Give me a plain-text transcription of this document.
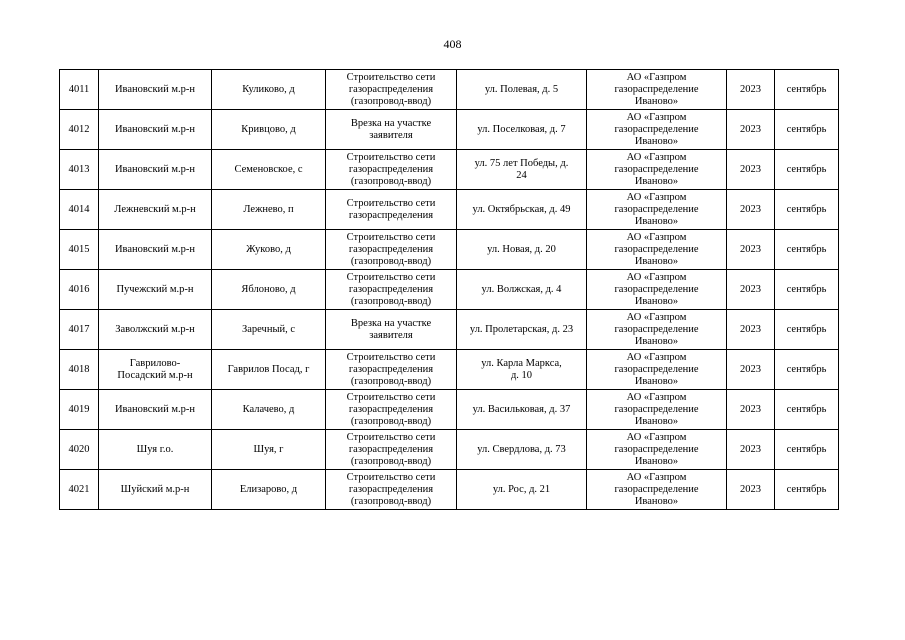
408
4011	Ивановский м.р-н	Куликово, д	Строительство сети
газораспределения
(газопровод-ввод)	ул. Полевая, д. 5	АО «Газпром
газораспределение
Иваново»	2023	сентябрь
4012	Ивановский м.р-н	Кривцово, д	Врезка на участке
заявителя	ул. Поселковая, д. 7	АО «Газпром
газораспределение
Иваново»	2023	сентябрь
4013	Ивановский м.р-н	Семеновское, с	Строительство сети
газораспределения
(газопровод-ввод)	ул. 75 лет Победы, д.
24	АО «Газпром
газораспределение
Иваново»	2023	сентябрь
4014	Лежневский м.р-н	Лежнево, п	Строительство сети
газораспределения	ул. Октябрьская, д. 49	АО «Газпром
газораспределение
Иваново»	2023	сентябрь
4015	Ивановский м.р-н	Жуково, д	Строительство сети
газораспределения
(газопровод-ввод)	ул. Новая, д. 20	АО «Газпром
газораспределение
Иваново»	2023	сентябрь
4016	Пучежский м.р-н	Яблоново, д	Строительство сети
газораспределения
(газопровод-ввод)	ул. Волжская, д. 4	АО «Газпром
газораспределение
Иваново»	2023	сентябрь
4017	Заволжский м.р-н	Заречный, с	Врезка на участке
заявителя	ул. Пролетарская, д. 23	АО «Газпром
газораспределение
Иваново»	2023	сентябрь
4018	Гаврилово-
Посадский м.р-н	Гаврилов Посад, г	Строительство сети
газораспределения
(газопровод-ввод)	ул. Карла Маркса,
д. 10	АО «Газпром
газораспределение
Иваново»	2023	сентябрь
4019	Ивановский м.р-н	Калачево, д	Строительство сети
газораспределения
(газопровод-ввод)	ул. Васильковая, д. 37	АО «Газпром
газораспределение
Иваново»	2023	сентябрь
4020	Шуя г.о.	Шуя, г	Строительство сети
газораспределения
(газопровод-ввод)	ул. Свердлова, д. 73	АО «Газпром
газораспределение
Иваново»	2023	сентябрь
4021	Шуйский м.р-н	Елизарово, д	Строительство сети
газораспределения
(газопровод-ввод)	ул. Рос, д. 21	АО «Газпром
газораспределение
Иваново»	2023	сентябрь
